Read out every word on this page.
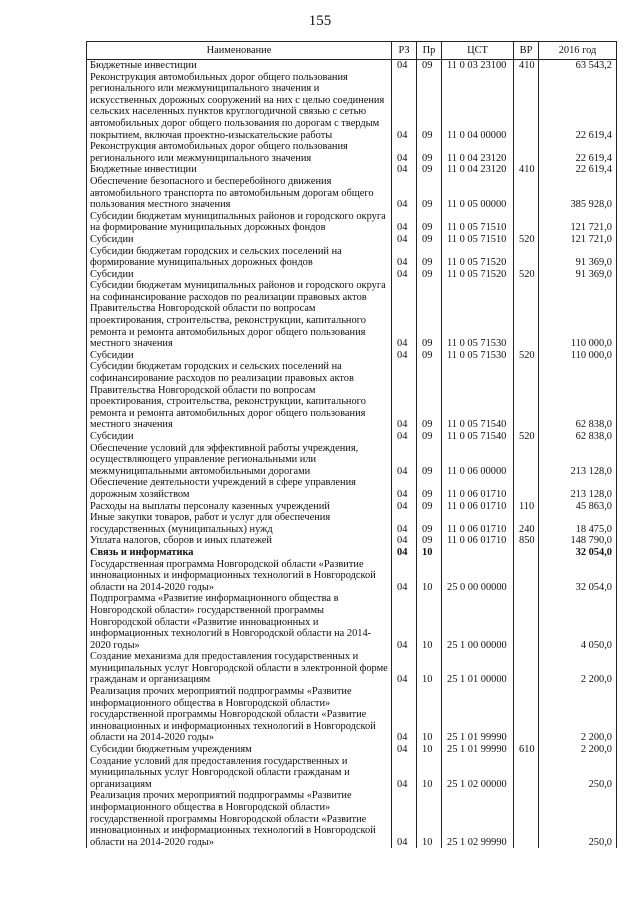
155
Наименование	РЗ	Пр	ЦСТ	ВР	2016 год
Бюджетные инвестиции	04	09	11 0 03 23100	410	63 543,2
Реконструкция автомобильных дорог общего пользования регионального или межмуниципального значения и искусственных дорожных сооружений на них с целью соединения сельских населенных пунктов круглогодичной связью с сетью автомобильных дорог общего пользования по дорогам с твердым покрытием, включая проектно-изыскательские работы	04	09	11 0 04 00000		22 619,4
Реконструкция автомобильных дорог общего пользования регионального или межмуниципального значения	04	09	11 0 04 23120		22 619,4
Бюджетные инвестиции	04	09	11 0 04 23120	410	22 619,4
Обеспечение безопасного и бесперебойного движения автомобильного транспорта по автомобильным дорогам общего пользования местного значения	04	09	11 0 05 00000		385 928,0
Субсидии бюджетам муниципальных районов и городского округа на формирование муниципальных дорожных фондов	04	09	11 0 05 71510		121 721,0
Субсидии	04	09	11 0 05 71510	520	121 721,0
Субсидии бюджетам городских и сельских поселений на формирование муниципальных дорожных фондов	04	09	11 0 05 71520		91 369,0
Субсидии	04	09	11 0 05 71520	520	91 369,0
Субсидии бюджетам муниципальных районов и городского округа на софинансирование расходов по реализации правовых актов Правительства Новгородской области по вопросам проектирования, строительства, реконструкции, капитального ремонта и ремонта автомобильных дорог общего пользования местного значения	04	09	11 0 05 71530		110 000,0
Субсидии	04	09	11 0 05 71530	520	110 000,0
Субсидии бюджетам городских и сельских поселений на софинансирование расходов по реализации правовых актов Правительства Новгородской области по вопросам проектирования, строительства, реконструкции, капитального ремонта и ремонта автомобильных дорог общего пользования местного значения	04	09	11 0 05 71540		62 838,0
Субсидии	04	09	11 0 05 71540	520	62 838,0
Обеспечение условий для эффективной работы учреждения, осуществляющего управление региональными или межмуниципальными автомобильными дорогами	04	09	11 0 06 00000		213 128,0
Обеспечение деятельности учреждений в сфере управления дорожным хозяйством	04	09	11 0 06 01710		213 128,0
Расходы на выплаты персоналу казенных учреждений	04	09	11 0 06 01710	110	45 863,0
Иные закупки товаров, работ и услуг для обеспечения государственных (муниципальных) нужд	04	09	11 0 06 01710	240	18 475,0
Уплата налогов, сборов и иных платежей	04	09	11 0 06 01710	850	148 790,0
Связь и информатика	04	10			32 054,0
Государственная программа Новгородской области «Развитие инновационных и информационных технологий в Новгородской области на 2014-2020 годы»	04	10	25 0 00 00000		32 054,0
Подпрограмма «Развитие информационного общества в Новгородской области» государственной программы Новгородской области «Развитие инновационных и информационных технологий в Новгородской области на 2014-2020 годы»	04	10	25 1 00 00000		4 050,0
Создание механизма для предоставления государственных и муниципальных услуг Новгородской области в электронной форме гражданам и организациям	04	10	25 1 01 00000		2 200,0
Реализация прочих мероприятий подпрограммы «Развитие информационного общества в Новгородской области» государственной программы Новгородской области «Развитие инновационных и информационных технологий в Новгородской области на 2014-2020 годы»	04	10	25 1 01 99990		2 200,0
Субсидии бюджетным учреждениям	04	10	25 1 01 99990	610	2 200,0
Создание условий для предоставления государственных и муниципальных услуг Новгородской области гражданам и организациям	04	10	25 1 02 00000		250,0
Реализация прочих мероприятий подпрограммы «Развитие информационного общества в Новгородской области» государственной программы Новгородской области «Развитие инновационных и информационных технологий в Новгородской области на 2014-2020 годы»	04	10	25 1 02 99990		250,0
